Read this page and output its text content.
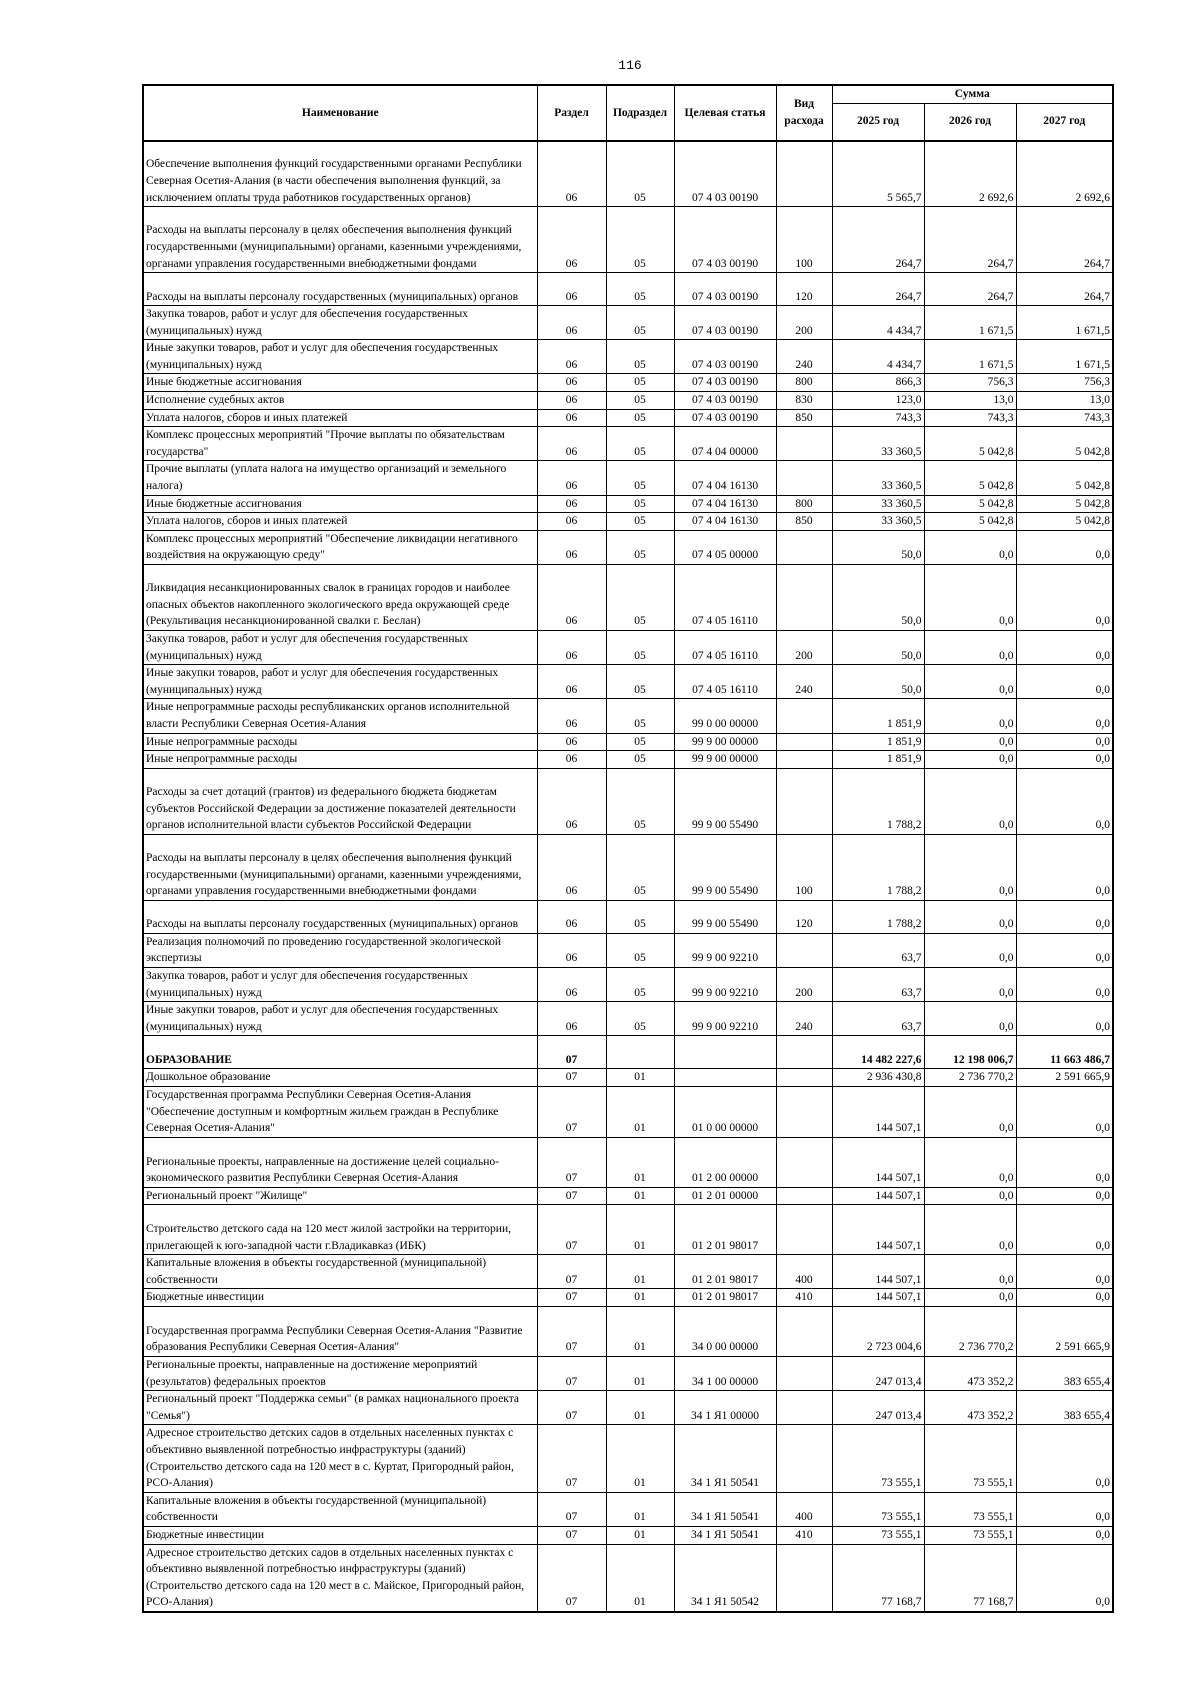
116
Наименование	Раздел	Подраздел	Целевая статья	Вид расхода	Сумма		
					2025 год	2026 год	2027 год
Обеспечение выполнения функций государственными органами Республики Северная Осетия-Алания (в части обеспечения выполнения функций, за исключением оплаты труда работников государственных органов)	06	05	07 4 03 00190		5 565,7	2 692,6	2 692,6
Расходы на выплаты персоналу в целях обеспечения выполнения функций государственными (муниципальными) органами, казенными учреждениями, органами управления государственными внебюджетными фондами	06	05	07 4 03 00190	100	264,7	264,7	264,7
Расходы на выплаты персоналу государственных (муниципальных) органов	06	05	07 4 03 00190	120	264,7	264,7	264,7
Закупка товаров, работ и услуг для обеспечения государственных (муниципальных) нужд	06	05	07 4 03 00190	200	4 434,7	1 671,5	1 671,5
Иные закупки товаров, работ и услуг для обеспечения государственных (муниципальных) нужд	06	05	07 4 03 00190	240	4 434,7	1 671,5	1 671,5
Иные бюджетные ассигнования	06	05	07 4 03 00190	800	866,3	756,3	756,3
Исполнение судебных актов	06	05	07 4 03 00190	830	123,0	13,0	13,0
Уплата налогов, сборов и иных платежей	06	05	07 4 03 00190	850	743,3	743,3	743,3
Комплекс процессных мероприятий "Прочие выплаты по обязательствам государства"	06	05	07 4 04 00000		33 360,5	5 042,8	5 042,8
Прочие выплаты (уплата налога на имущество организаций и земельного налога)	06	05	07 4 04 16130		33 360,5	5 042,8	5 042,8
Иные бюджетные ассигнования	06	05	07 4 04 16130	800	33 360,5	5 042,8	5 042,8
Уплата налогов, сборов и иных платежей	06	05	07 4 04 16130	850	33 360,5	5 042,8	5 042,8
Комплекс процессных мероприятий "Обеспечение ликвидации негативного воздействия на окружающую среду"	06	05	07 4 05 00000		50,0	0,0	0,0
Ликвидация несанкционированных свалок в границах городов и наиболее опасных объектов накопленного экологического вреда окружающей среде (Рекультивация несанкционированной свалки г. Беслан)	06	05	07 4 05 16110		50,0	0,0	0,0
Закупка товаров, работ и услуг для обеспечения государственных (муниципальных) нужд	06	05	07 4 05 16110	200	50,0	0,0	0,0
Иные закупки товаров, работ и услуг для обеспечения государственных (муниципальных) нужд	06	05	07 4 05 16110	240	50,0	0,0	0,0
Иные непрограммные расходы республиканских органов исполнительной власти Республики Северная Осетия-Алания	06	05	99 0 00 00000		1 851,9	0,0	0,0
Иные непрограммные расходы	06	05	99 9 00 00000		1 851,9	0,0	0,0
Иные непрограммные расходы	06	05	99 9 00 00000		1 851,9	0,0	0,0
Расходы за счет дотаций (грантов) из федерального бюджета бюджетам субъектов Российской Федерации за достижение показателей деятельности органов исполнительной власти субъектов Российской Федерации	06	05	99 9 00 55490		1 788,2	0,0	0,0
Расходы на выплаты персоналу в целях обеспечения выполнения функций государственными (муниципальными) органами, казенными учреждениями, органами управления государственными внебюджетными фондами	06	05	99 9 00 55490	100	1 788,2	0,0	0,0
Расходы на выплаты персоналу государственных (муниципальных) органов	06	05	99 9 00 55490	120	1 788,2	0,0	0,0
Реализация полномочий по проведению государственной экологической экспертизы	06	05	99 9 00 92210		63,7	0,0	0,0
Закупка товаров, работ и услуг для обеспечения государственных (муниципальных) нужд	06	05	99 9 00 92210	200	63,7	0,0	0,0
Иные закупки товаров, работ и услуг для обеспечения государственных (муниципальных) нужд	06	05	99 9 00 92210	240	63,7	0,0	0,0
ОБРАЗОВАНИЕ	07				14 482 227,6	12 198 006,7	11 663 486,7
Дошкольное образование	07	01			2 936 430,8	2 736 770,2	2 591 665,9
Государственная программа Республики Северная Осетия-Алания "Обеспечение доступным и комфортным жильем граждан в Республике Северная Осетия-Алания"	07	01	01 0 00 00000		144 507,1	0,0	0,0
Региональные проекты, направленные на достижение целей социально-экономического развития Республики Северная Осетия-Алания	07	01	01 2 00 00000		144 507,1	0,0	0,0
Региональный проект "Жилище"	07	01	01 2 01 00000		144 507,1	0,0	0,0
Строительство детского сада на 120 мест жилой застройки на территории, прилегающей к юго-западной части г.Владикавказ (ИБК)	07	01	01 2 01 98017		144 507,1	0,0	0,0
Капитальные вложения в объекты государственной (муниципальной) собственности	07	01	01 2 01 98017	400	144 507,1	0,0	0,0
Бюджетные инвестиции	07	01	01 2 01 98017	410	144 507,1	0,0	0,0
Государственная программа Республики Северная Осетия-Алания "Развитие образования Республики Северная Осетия-Алания"	07	01	34 0 00 00000		2 723 004,6	2 736 770,2	2 591 665,9
Региональные проекты, направленные на достижение мероприятий (результатов) федеральных проектов	07	01	34 1 00 00000		247 013,4	473 352,2	383 655,4
Региональный проект "Поддержка семьи" (в рамках национального проекта "Семья")	07	01	34 1 Я1 00000		247 013,4	473 352,2	383 655,4
Адресное строительство детских садов в отдельных населенных пунктах с объективно выявленной потребностью инфраструктуры (зданий)(Строительство детского сада на 120 мест в с. Куртат, Пригородный район, РСО-Алания)	07	01	34 1 Я1 50541		73 555,1	73 555,1	0,0
Капитальные вложения в объекты государственной (муниципальной) собственности	07	01	34 1 Я1 50541	400	73 555,1	73 555,1	0,0
Бюджетные инвестиции	07	01	34 1 Я1 50541	410	73 555,1	73 555,1	0,0
Адресное строительство детских садов в отдельных населенных пунктах с объективно выявленной потребностью инфраструктуры (зданий) (Строительство детского сада на 120 мест в с. Майское, Пригородный район, РСО-Алания)	07	01	34 1 Я1 50542		77 168,7	77 168,7	0,0
